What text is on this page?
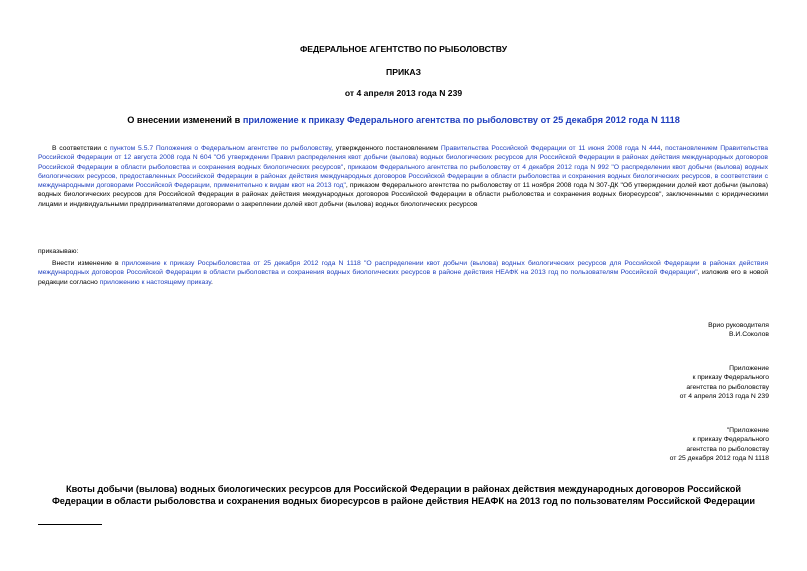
ФЕДЕРАЛЬНОЕ АГЕНТСТВО ПО РЫБОЛОВСТВУ
ПРИКАЗ
от 4 апреля 2013 года N 239
О внесении изменений в приложение к приказу Федерального агентства по рыболовству от 25 декабря 2012 года N 1118
В соответствии с пунктом 5.5.7 Положения о Федеральном агентстве по рыболовству, утвержденного постановлением Правительства Российской Федерации от 11 июня 2008 года N 444, постановлением Правительства Российской Федерации от 12 августа 2008 года N 604 "Об утверждении Правил распределения квот добычи (вылова) водных биологических ресурсов для Российской Федерации в районах действия международных договоров Российской Федерации в области рыболовства и сохранения водных биологических ресурсов", приказом Федерального агентства по рыболовству от 4 декабря 2012 года N 992 "О распределении квот добычи (вылова) водных биологических ресурсов, предоставленных Российской Федерации в районах действия международных договоров Российской Федерации в области рыболовства и сохранения водных биологических ресурсов, в соответствии с международными договорами Российской Федерации, применительно к видам квот на 2013 год", приказом Федерального агентства по рыболовству от 11 ноября 2008 года N 307-ДК "Об утверждении долей квот добычи (вылова) водных биологических ресурсов для Российской Федерации в районах действия международных договоров Российской Федерации в области рыболовства и сохранения водных биоресурсов", заключенными с юридическими лицами и индивидуальными предпринимателями договорами о закреплении долей квот добычи (вылова) водных биологических ресурсов
приказываю:
Внести изменение в приложение к приказу Росрыболовства от 25 декабря 2012 года N 1118 "О распределении квот добычи (вылова) водных биологических ресурсов для Российской Федерации в районах действия международных договоров Российской Федерации в области рыболовства и сохранения водных биологических ресурсов в районе действия НЕАФК на 2013 год по пользователям Российской Федерации", изложив его в новой редакции согласно приложению к настоящему приказу.
Врио руководителя
В.И.Соколов
Приложение
к приказу Федерального
агентства по рыболовству
от 4 апреля 2013 года N 239
"Приложение
к приказу Федерального
агентства по рыболовству
от 25 декабря 2012 года N 1118
Квоты добычи (вылова) водных биологических ресурсов для Российской Федерации в районах действия международных договоров Российской Федерации в области рыболовства и сохранения водных биоресурсов в районе действия НЕАФК на 2013 год по пользователям Российской Федерации
